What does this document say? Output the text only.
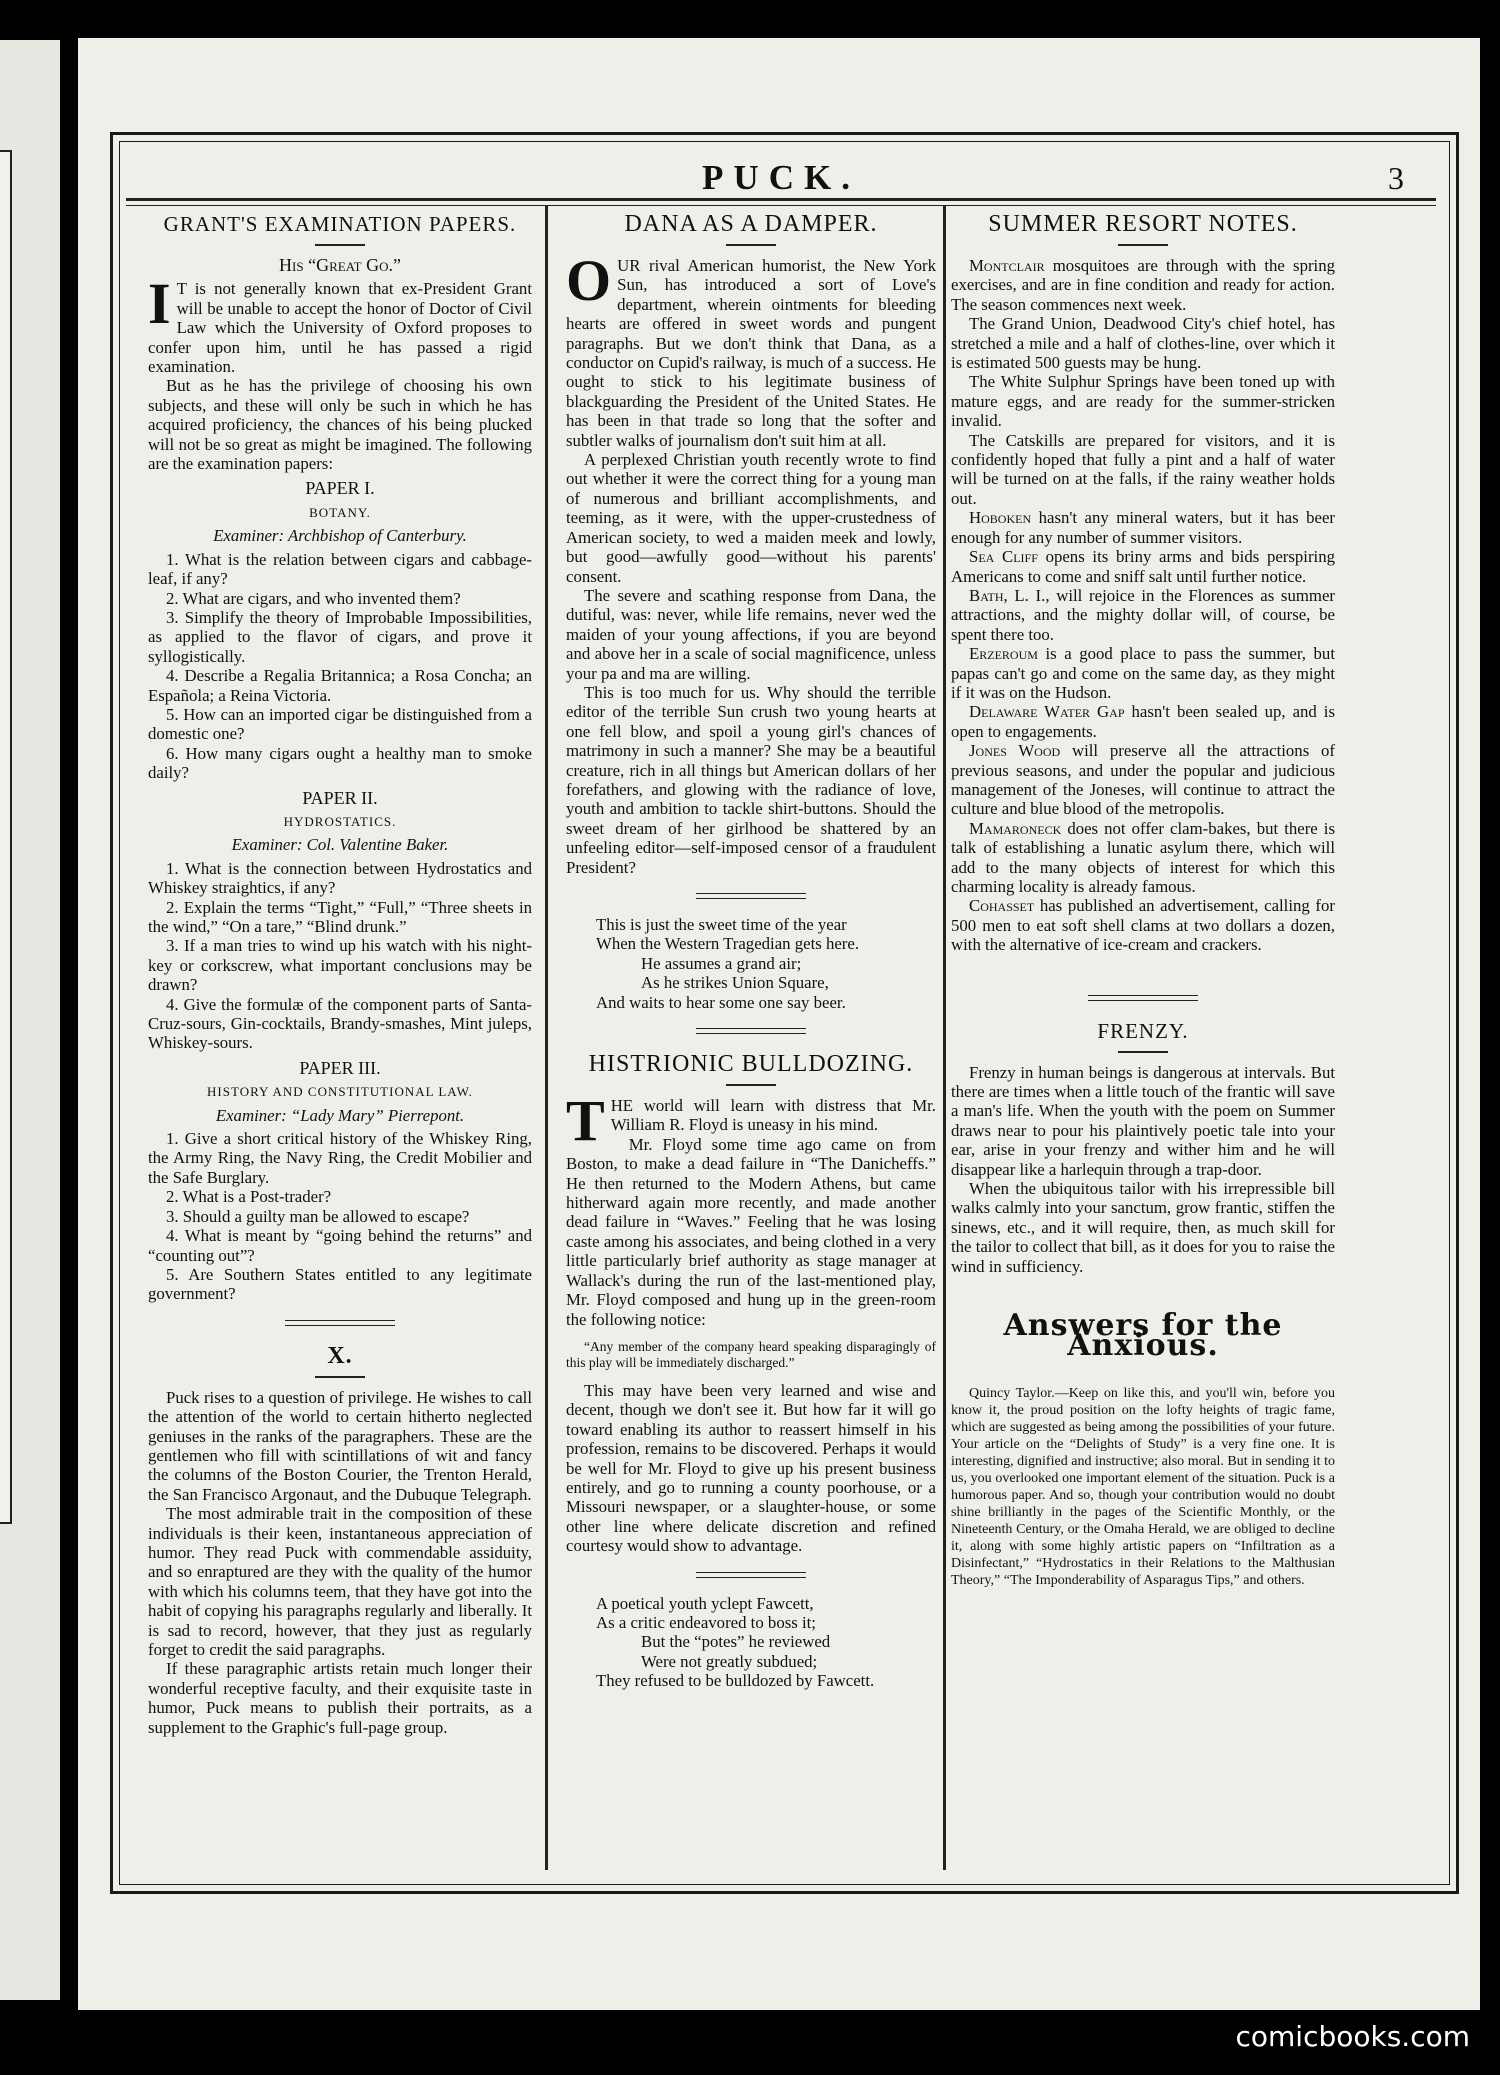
PUCK.	3
GRANT'S EXAMINATION PAPERS.
His “Great Go.”

I T is not generally known that ex-President Grant will be unable to accept the honor of Doctor of Civil Law which the University of Oxford proposes to confer upon him, until he has passed a rigid examination.

But as he has the privilege of choosing his own subjects, and these will only be such in which he has acquired proficiency, the chances of his being plucked will not be so great as might be imagined. The following are the examination papers:

PAPER I.
BOTANY.
Examiner: Archbishop of Canterbury.

1. What is the relation between cigars and cabbage-leaf, if any?

2. What are cigars, and who invented them?

3. Simplify the theory of Improbable Impossibilities, as applied to the flavor of cigars, and prove it syllogistically.

4. Describe a Regalia Britannica; a Rosa Concha; an Española; a Reina Victoria.

5. How can an imported cigar be distinguished from a domestic one?

6. How many cigars ought a healthy man to smoke daily?

PAPER II.
HYDROSTATICS.
Examiner: Col. Valentine Baker.

1. What is the connection between Hydrostatics and Whiskey straightics, if any?

2. Explain the terms “Tight,” “Full,” “Three sheets in the wind,” “On a tare,” “Blind drunk.”

3. If a man tries to wind up his watch with his night-key or corkscrew, what important conclusions may be drawn?

4. Give the formulæ of the component parts of Santa-Cruz-sours, Gin-cocktails, Brandy-smashes, Mint juleps, Whiskey-sours.

PAPER III.
HISTORY AND CONSTITUTIONAL LAW.
Examiner: “Lady Mary” Pierrepont.

1. Give a short critical history of the Whiskey Ring, the Army Ring, the Navy Ring, the Credit Mobilier and the Safe Burglary.

2. What is a Post-trader?

3. Should a guilty man be allowed to escape?

4. What is meant by “going behind the returns” and “counting out”?

5. Are Southern States entitled to any legitimate government?

X.

Puck rises to a question of privilege. He wishes to call the attention of the world to certain hitherto neglected geniuses in the ranks of the paragraphers. These are the gentlemen who fill with scintillations of wit and fancy the columns of the Boston Courier, the Trenton Herald, the San Francisco Argonaut, and the Dubuque Telegraph.

The most admirable trait in the composition of these individuals is their keen, instantaneous appreciation of humor. They read Puck with commendable assiduity, and so enraptured are they with the quality of the humor with which his columns teem, that they have got into the habit of copying his paragraphs regularly and liberally. It is sad to record, however, that they just as regularly forget to credit the said paragraphs.

If these paragraphic artists retain much longer their wonderful receptive faculty, and their exquisite taste in humor, Puck means to publish their portraits, as a supplement to the Graphic's full-page group.

DANA AS A DAMPER.

OUR rival American humorist, the New York Sun, has introduced a sort of Love's department, wherein ointments for bleeding hearts are offered in sweet words and pungent paragraphs. But we don't think that Dana, as a conductor on Cupid's railway, is much of a success. He ought to stick to his legitimate business of blackguarding the President of the United States. He has been in that trade so long that the softer and subtler walks of journalism don't suit him at all.

A perplexed Christian youth recently wrote to find out whether it were the correct thing for a young man of numerous and brilliant accomplishments, and teeming, as it were, with the upper-crustedness of American society, to wed a maiden meek and lowly, but good—awfully good—without his parents' consent.

The severe and scathing response from Dana, the dutiful, was: never, while life remains, never wed the maiden of your young affections, if you are beyond and above her in a scale of social magnificence, unless your pa and ma are willing.

This is too much for us. Why should the terrible editor of the terrible Sun crush two young hearts at one fell blow, and spoil a young girl's chances of matrimony in such a manner? She may be a beautiful creature, rich in all things but American dollars of her forefathers, and glowing with the radiance of love, youth and ambition to tackle shirt-buttons. Should the sweet dream of her girlhood be shattered by an unfeeling editor—self-imposed censor of a fraudulent President?

This is just the sweet time of the year
When the Western Tragedian gets here.
He assumes a grand air;
As he strikes Union Square,
And waits to hear some one say beer.
HISTRIONIC BULLDOZING.

THE world will learn with distress that Mr. William R. Floyd is uneasy in his mind.

Mr. Floyd some time ago came on from Boston, to make a dead failure in “The Danicheffs.” He then returned to the Modern Athens, but came hitherward again more recently, and made another dead failure in “Waves.” Feeling that he was losing caste among his associates, and being clothed in a very little particularly brief authority as stage manager at Wallack's during the run of the last-mentioned play, Mr. Floyd composed and hung up in the green-room the following notice:

“Any member of the company heard speaking disparagingly of this play will be immediately discharged.”

This may have been very learned and wise and decent, though we don't see it. But how far it will go toward enabling its author to reassert himself in his profession, remains to be discovered. Perhaps it would be well for Mr. Floyd to give up his present business entirely, and go to running a county poorhouse, or a Missouri newspaper, or a slaughter-house, or some other line where delicate discretion and refined courtesy would show to advantage.

A poetical youth yclept Fawcett,
As a critic endeavored to boss it;
But the “potes” he reviewed
Were not greatly subdued;
They refused to be bulldozed by Fawcett.
SUMMER RESORT NOTES.

Montclair mosquitoes are through with the spring exercises, and are in fine condition and ready for action. The season commences next week.

The Grand Union, Deadwood City's chief hotel, has stretched a mile and a half of clothes-line, over which it is estimated 500 guests may be hung.

The White Sulphur Springs have been toned up with mature eggs, and are ready for the summer-stricken invalid.

The Catskills are prepared for visitors, and it is confidently hoped that fully a pint and a half of water will be turned on at the falls, if the rainy weather holds out.

Hoboken hasn't any mineral waters, but it has beer enough for any number of summer visitors.

Sea Cliff opens its briny arms and bids perspiring Americans to come and sniff salt until further notice.

Bath, L. I., will rejoice in the Florences as summer attractions, and the mighty dollar will, of course, be spent there too.

Erzeroum is a good place to pass the summer, but papas can't go and come on the same day, as they might if it was on the Hudson.

Delaware Water Gap hasn't been sealed up, and is open to engagements.

Jones Wood will preserve all the attractions of previous seasons, and under the popular and judicious management of the Joneses, will continue to attract the culture and blue blood of the metropolis.

Mamaroneck does not offer clam-bakes, but there is talk of establishing a lunatic asylum there, which will add to the many objects of interest for which this charming locality is already famous.

Cohasset has published an advertisement, calling for 500 men to eat soft shell clams at two dollars a dozen, with the alternative of ice-cream and crackers.

FRENZY.

Frenzy in human beings is dangerous at intervals. But there are times when a little touch of the frantic will save a man's life. When the youth with the poem on Summer draws near to pour his plaintively poetic tale into your ear, arise in your frenzy and wither him and he will disappear like a harlequin through a trap-door.

When the ubiquitous tailor with his irrepressible bill walks calmly into your sanctum, grow frantic, stiffen the sinews, etc., and it will require, then, as much skill for the tailor to collect that bill, as it does for you to raise the wind in sufficiency.

Answers for the Anxious.

Quincy Taylor.—Keep on like this, and you'll win, before you know it, the proud position on the lofty heights of tragic fame, which are suggested as being among the possibilities of your future. Your article on the “Delights of Study” is a very fine one. It is interesting, dignified and instructive; also moral. But in sending it to us, you overlooked one important element of the situation. Puck is a humorous paper. And so, though your contribution would no doubt shine brilliantly in the pages of the Scientific Monthly, or the Nineteenth Century, or the Omaha Herald, we are obliged to decline it, along with some highly artistic papers on “Infiltration as a Disinfectant,” “Hydrostatics in their Relations to the Malthusian Theory,” “The Imponderability of Asparagus Tips,” and others.

comicbooks.com
